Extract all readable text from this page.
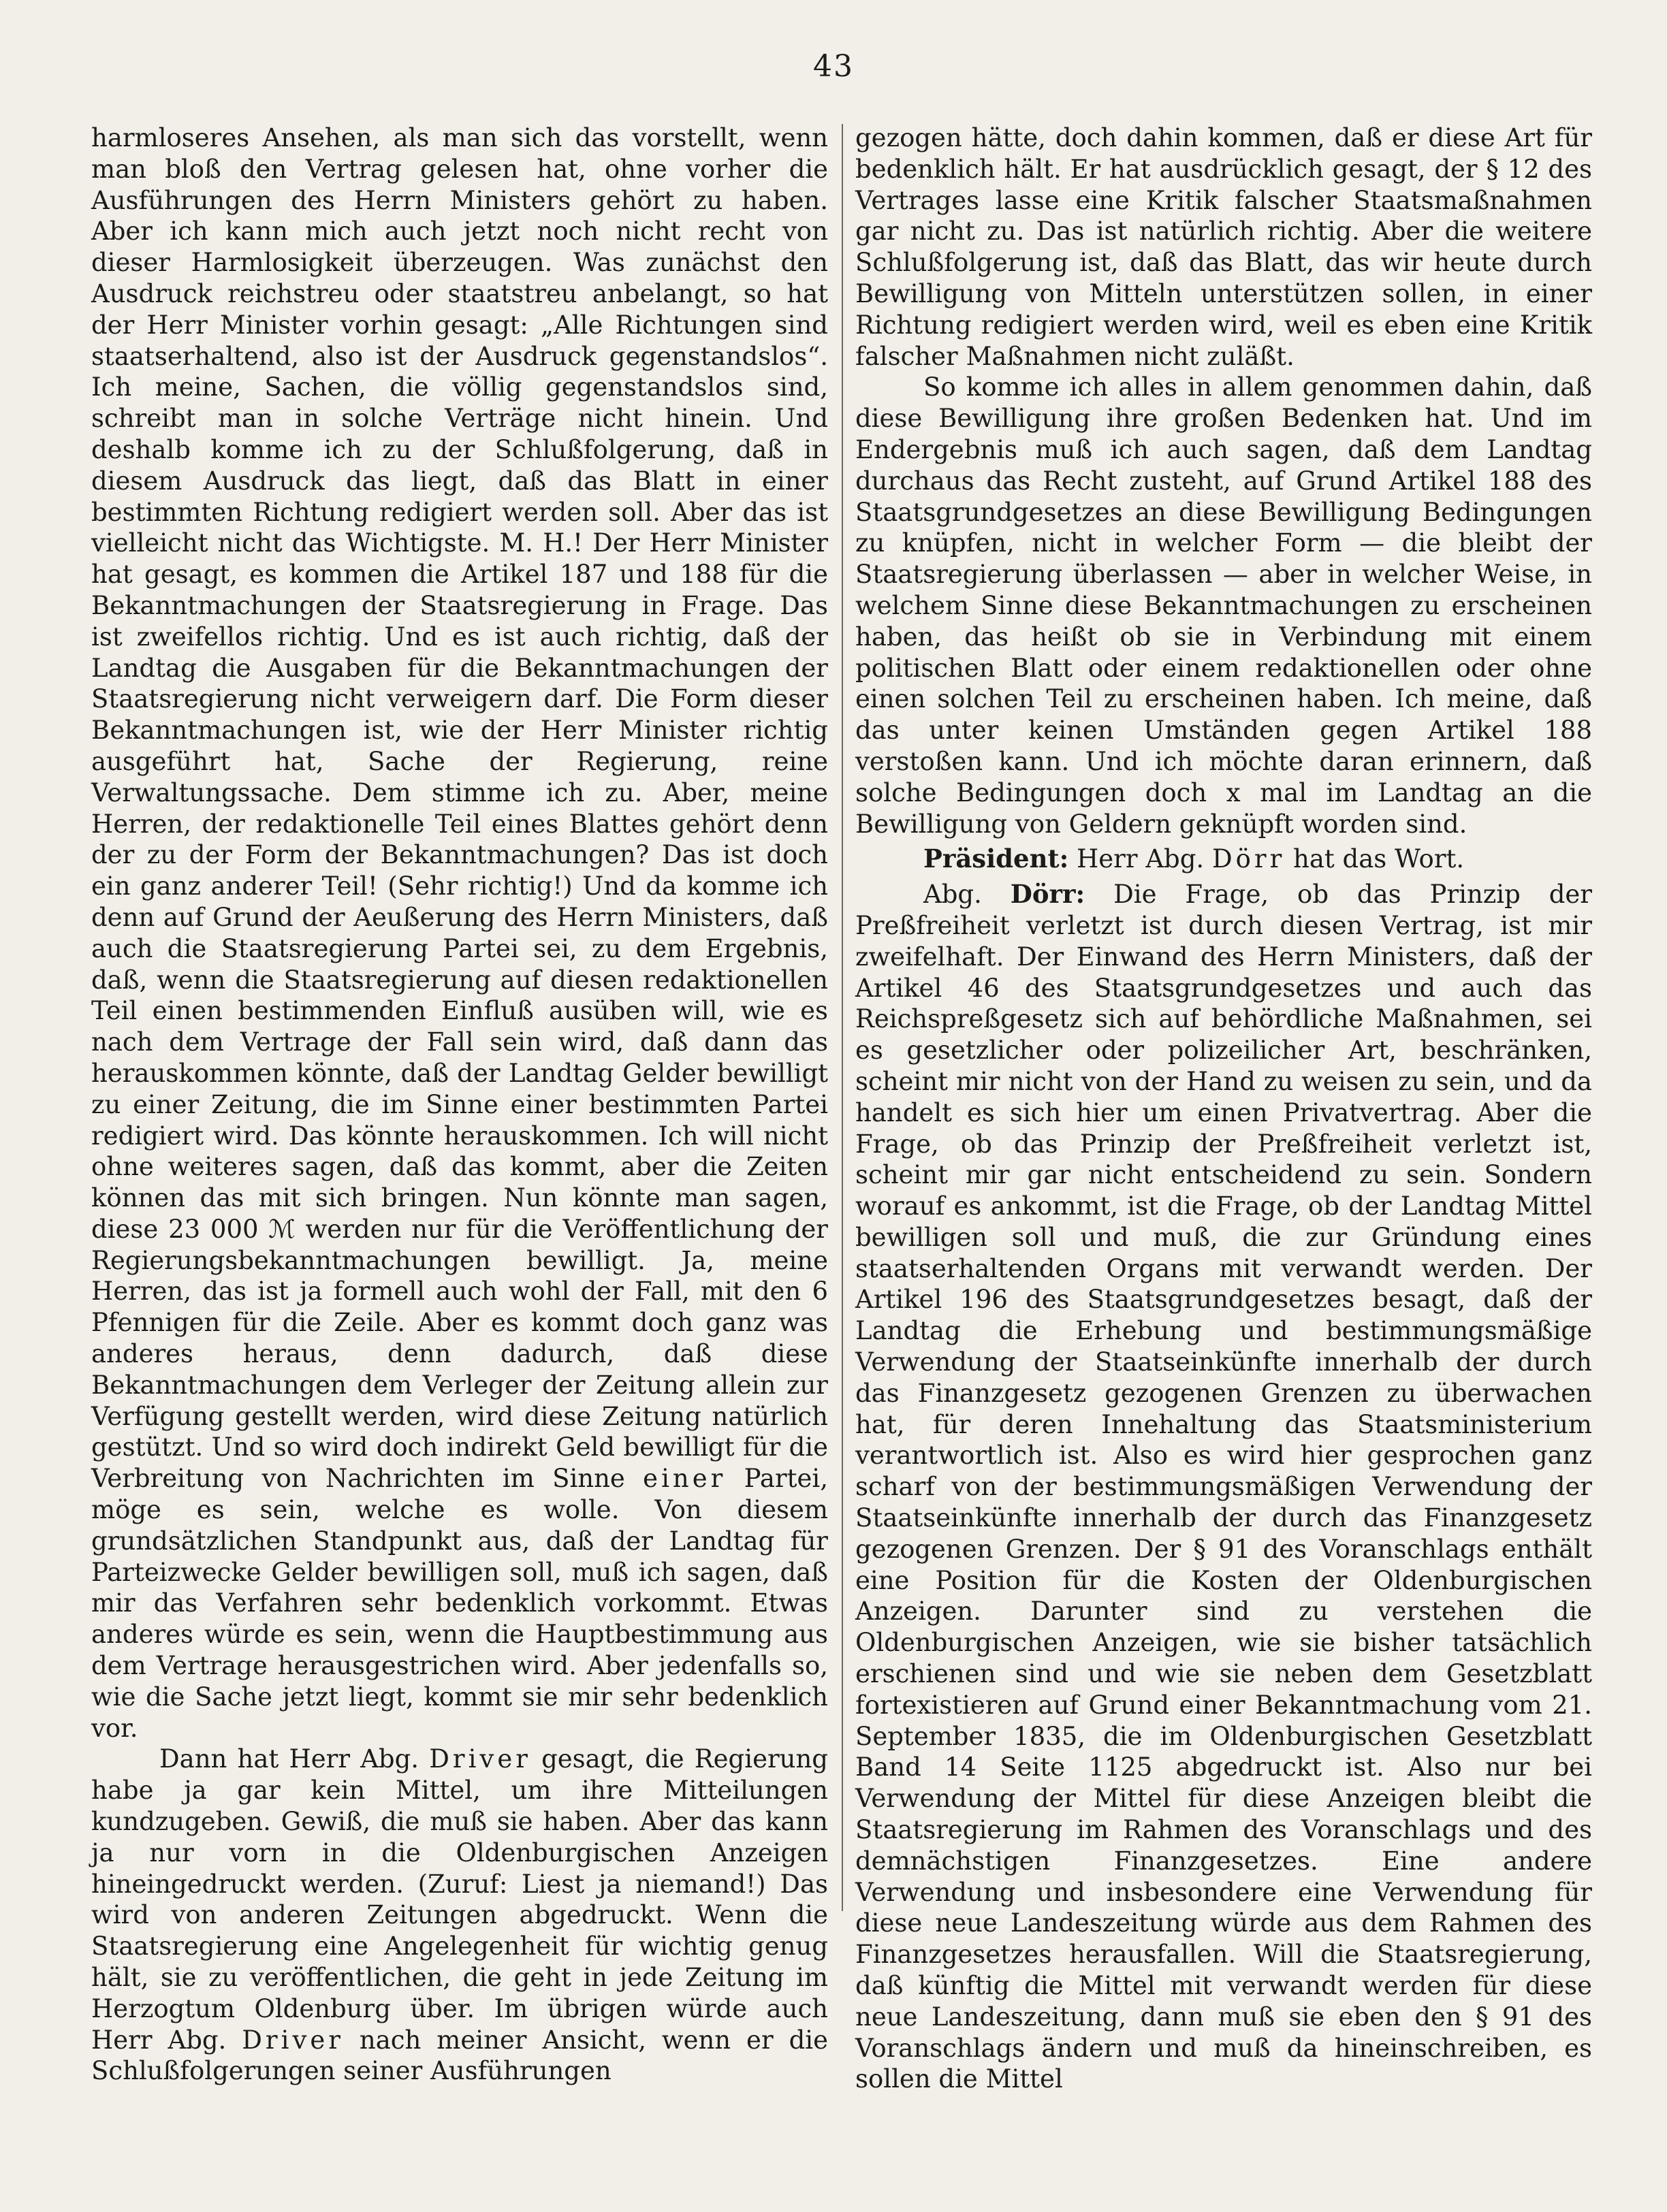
43

harmloseres Ansehen, als man sich das vorstellt, wenn man bloß den Vertrag gelesen hat, ohne vorher die Ausführungen des Herrn Ministers gehört zu haben. Aber ich kann mich auch jetzt noch nicht recht von dieser Harmlosigkeit überzeugen. Was zunächst den Ausdruck reichstreu oder staatstreu anbelangt, so hat der Herr Minister vorhin gesagt: „Alle Richtungen sind staatserhaltend, also ist der Ausdruck gegenstandslos“. Ich meine, Sachen, die völlig gegenstandslos sind, schreibt man in solche Verträge nicht hinein. Und deshalb komme ich zu der Schlußfolgerung, daß in diesem Ausdruck das liegt, daß das Blatt in einer bestimmten Richtung redigiert werden soll. Aber das ist vielleicht nicht das Wichtigste. M. H.! Der Herr Minister hat gesagt, es kommen die Artikel 187 und 188 für die Bekanntmachungen der Staatsregierung in Frage. Das ist zweifellos richtig. Und es ist auch richtig, daß der Landtag die Ausgaben für die Bekanntmachungen der Staatsregierung nicht verweigern darf. Die Form dieser Bekanntmachungen ist, wie der Herr Minister richtig ausgeführt hat, Sache der Regierung, reine Verwaltungssache. Dem stimme ich zu. Aber, meine Herren, der redaktionelle Teil eines Blattes gehört denn der zu der Form der Bekanntmachungen? Das ist doch ein ganz anderer Teil! (Sehr richtig!) Und da komme ich denn auf Grund der Aeußerung des Herrn Ministers, daß auch die Staatsregierung Partei sei, zu dem Ergebnis, daß, wenn die Staatsregierung auf diesen redaktionellen Teil einen bestimmenden Einfluß ausüben will, wie es nach dem Vertrage der Fall sein wird, daß dann das herauskommen könnte, daß der Landtag Gelder bewilligt zu einer Zeitung, die im Sinne einer bestimmten Partei redigiert wird. Das könnte herauskommen. Ich will nicht ohne weiteres sagen, daß das kommt, aber die Zeiten können das mit sich bringen. Nun könnte man sagen, diese 23 000 ℳ werden nur für die Veröffentlichung der Regierungsbekanntmachungen bewilligt. Ja, meine Herren, das ist ja formell auch wohl der Fall, mit den 6 Pfennigen für die Zeile. Aber es kommt doch ganz was anderes heraus, denn dadurch, daß diese Bekanntmachungen dem Verleger der Zeitung allein zur Verfügung gestellt werden, wird diese Zeitung natürlich gestützt. Und so wird doch indirekt Geld bewilligt für die Verbreitung von Nachrichten im Sinne einer Partei, möge es sein, welche es wolle. Von diesem grundsätzlichen Standpunkt aus, daß der Landtag für Parteizwecke Gelder bewilligen soll, muß ich sagen, daß mir das Verfahren sehr bedenklich vorkommt. Etwas anderes würde es sein, wenn die Hauptbestimmung aus dem Vertrage herausgestrichen wird. Aber jedenfalls so, wie die Sache jetzt liegt, kommt sie mir sehr bedenklich vor.

Dann hat Herr Abg. Driver gesagt, die Regierung habe ja gar kein Mittel, um ihre Mitteilungen kundzugeben. Gewiß, die muß sie haben. Aber das kann ja nur vorn in die Oldenburgischen Anzeigen hineingedruckt werden. (Zuruf: Liest ja niemand!) Das wird von anderen Zeitungen abgedruckt. Wenn die Staatsregierung eine Angelegenheit für wichtig genug hält, sie zu veröffentlichen, die geht in jede Zeitung im Herzogtum Oldenburg über. Im übrigen würde auch Herr Abg. Driver nach meiner Ansicht, wenn er die Schlußfolgerungen seiner Ausführungen

gezogen hätte, doch dahin kommen, daß er diese Art für bedenklich hält. Er hat ausdrücklich gesagt, der § 12 des Vertrages lasse eine Kritik falscher Staatsmaßnahmen gar nicht zu. Das ist natürlich richtig. Aber die weitere Schlußfolgerung ist, daß das Blatt, das wir heute durch Bewilligung von Mitteln unterstützen sollen, in einer Richtung redigiert werden wird, weil es eben eine Kritik falscher Maßnahmen nicht zuläßt.

So komme ich alles in allem genommen dahin, daß diese Bewilligung ihre großen Bedenken hat. Und im Endergebnis muß ich auch sagen, daß dem Landtag durchaus das Recht zusteht, auf Grund Artikel 188 des Staatsgrundgesetzes an diese Bewilligung Bedingungen zu knüpfen, nicht in welcher Form — die bleibt der Staatsregierung überlassen — aber in welcher Weise, in welchem Sinne diese Bekanntmachungen zu erscheinen haben, das heißt ob sie in Verbindung mit einem politischen Blatt oder einem redaktionellen oder ohne einen solchen Teil zu erscheinen haben. Ich meine, daß das unter keinen Umständen gegen Artikel 188 verstoßen kann. Und ich möchte daran erinnern, daß solche Bedingungen doch x mal im Landtag an die Bewilligung von Geldern geknüpft worden sind.

Präsident: Herr Abg. Dörr hat das Wort.

Abg. Dörr: Die Frage, ob das Prinzip der Preßfreiheit verletzt ist durch diesen Vertrag, ist mir zweifelhaft. Der Einwand des Herrn Ministers, daß der Artikel 46 des Staatsgrundgesetzes und auch das Reichspreßgesetz sich auf behördliche Maßnahmen, sei es gesetzlicher oder polizeilicher Art, beschränken, scheint mir nicht von der Hand zu weisen zu sein, und da handelt es sich hier um einen Privatvertrag. Aber die Frage, ob das Prinzip der Preßfreiheit verletzt ist, scheint mir gar nicht entscheidend zu sein. Sondern worauf es ankommt, ist die Frage, ob der Landtag Mittel bewilligen soll und muß, die zur Gründung eines staatserhaltenden Organs mit verwandt werden. Der Artikel 196 des Staatsgrundgesetzes besagt, daß der Landtag die Erhebung und bestimmungsmäßige Verwendung der Staatseinkünfte innerhalb der durch das Finanzgesetz gezogenen Grenzen zu überwachen hat, für deren Innehaltung das Staatsministerium verantwortlich ist. Also es wird hier gesprochen ganz scharf von der bestimmungsmäßigen Verwendung der Staatseinkünfte innerhalb der durch das Finanzgesetz gezogenen Grenzen. Der § 91 des Voranschlags enthält eine Position für die Kosten der Oldenburgischen Anzeigen. Darunter sind zu verstehen die Oldenburgischen Anzeigen, wie sie bisher tatsächlich erschienen sind und wie sie neben dem Gesetzblatt fortexistieren auf Grund einer Bekanntmachung vom 21. September 1835, die im Oldenburgischen Gesetzblatt Band 14 Seite 1125 abgedruckt ist. Also nur bei Verwendung der Mittel für diese Anzeigen bleibt die Staatsregierung im Rahmen des Voranschlags und des demnächstigen Finanzgesetzes. Eine andere Verwendung und insbesondere eine Verwendung für diese neue Landeszeitung würde aus dem Rahmen des Finanzgesetzes herausfallen. Will die Staatsregierung, daß künftig die Mittel mit verwandt werden für diese neue Landeszeitung, dann muß sie eben den § 91 des Voranschlags ändern und muß da hineinschreiben, es sollen die Mittel
